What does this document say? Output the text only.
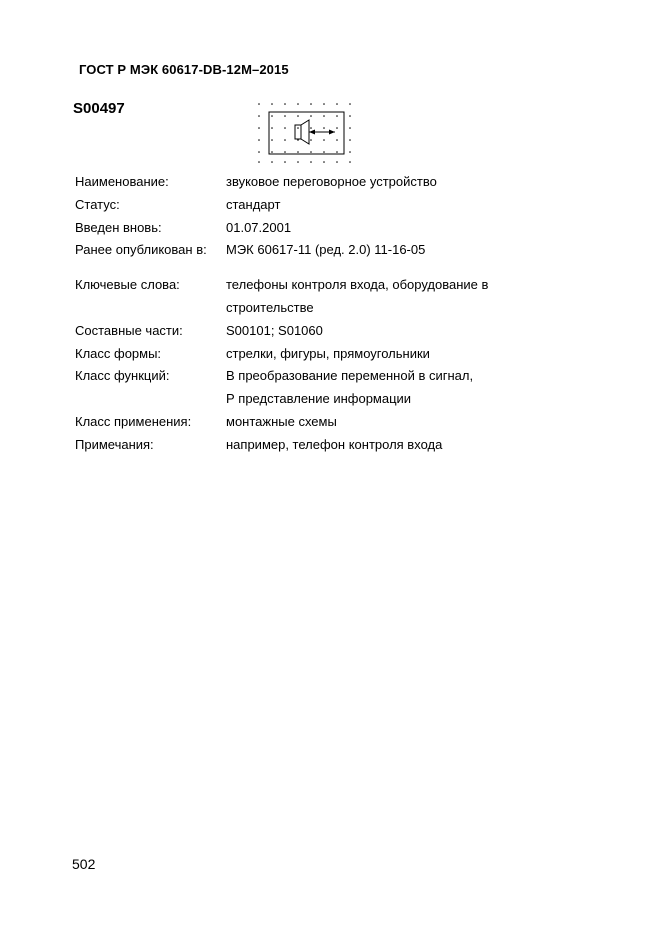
ГОСТ Р МЭК 60617-DB-12M–2015
S00497
Наименование:	звуковое переговорное устройство
Статус:	стандарт
Введен вновь:	01.07.2001
Ранее опубликован в: МЭК 60617-11 (ред. 2.0) 11-16-05
Ключевые слова:	телефоны контроля входа, оборудование в
строительстве
Составные части:	S00101; S01060
Класс формы:	стрелки, фигуры, прямоугольники
Класс функций:	В преобразование переменной в сигнал,
Р представление информации
Класс применения:	монтажные схемы
Примечания:	например, телефон контроля входа
502
